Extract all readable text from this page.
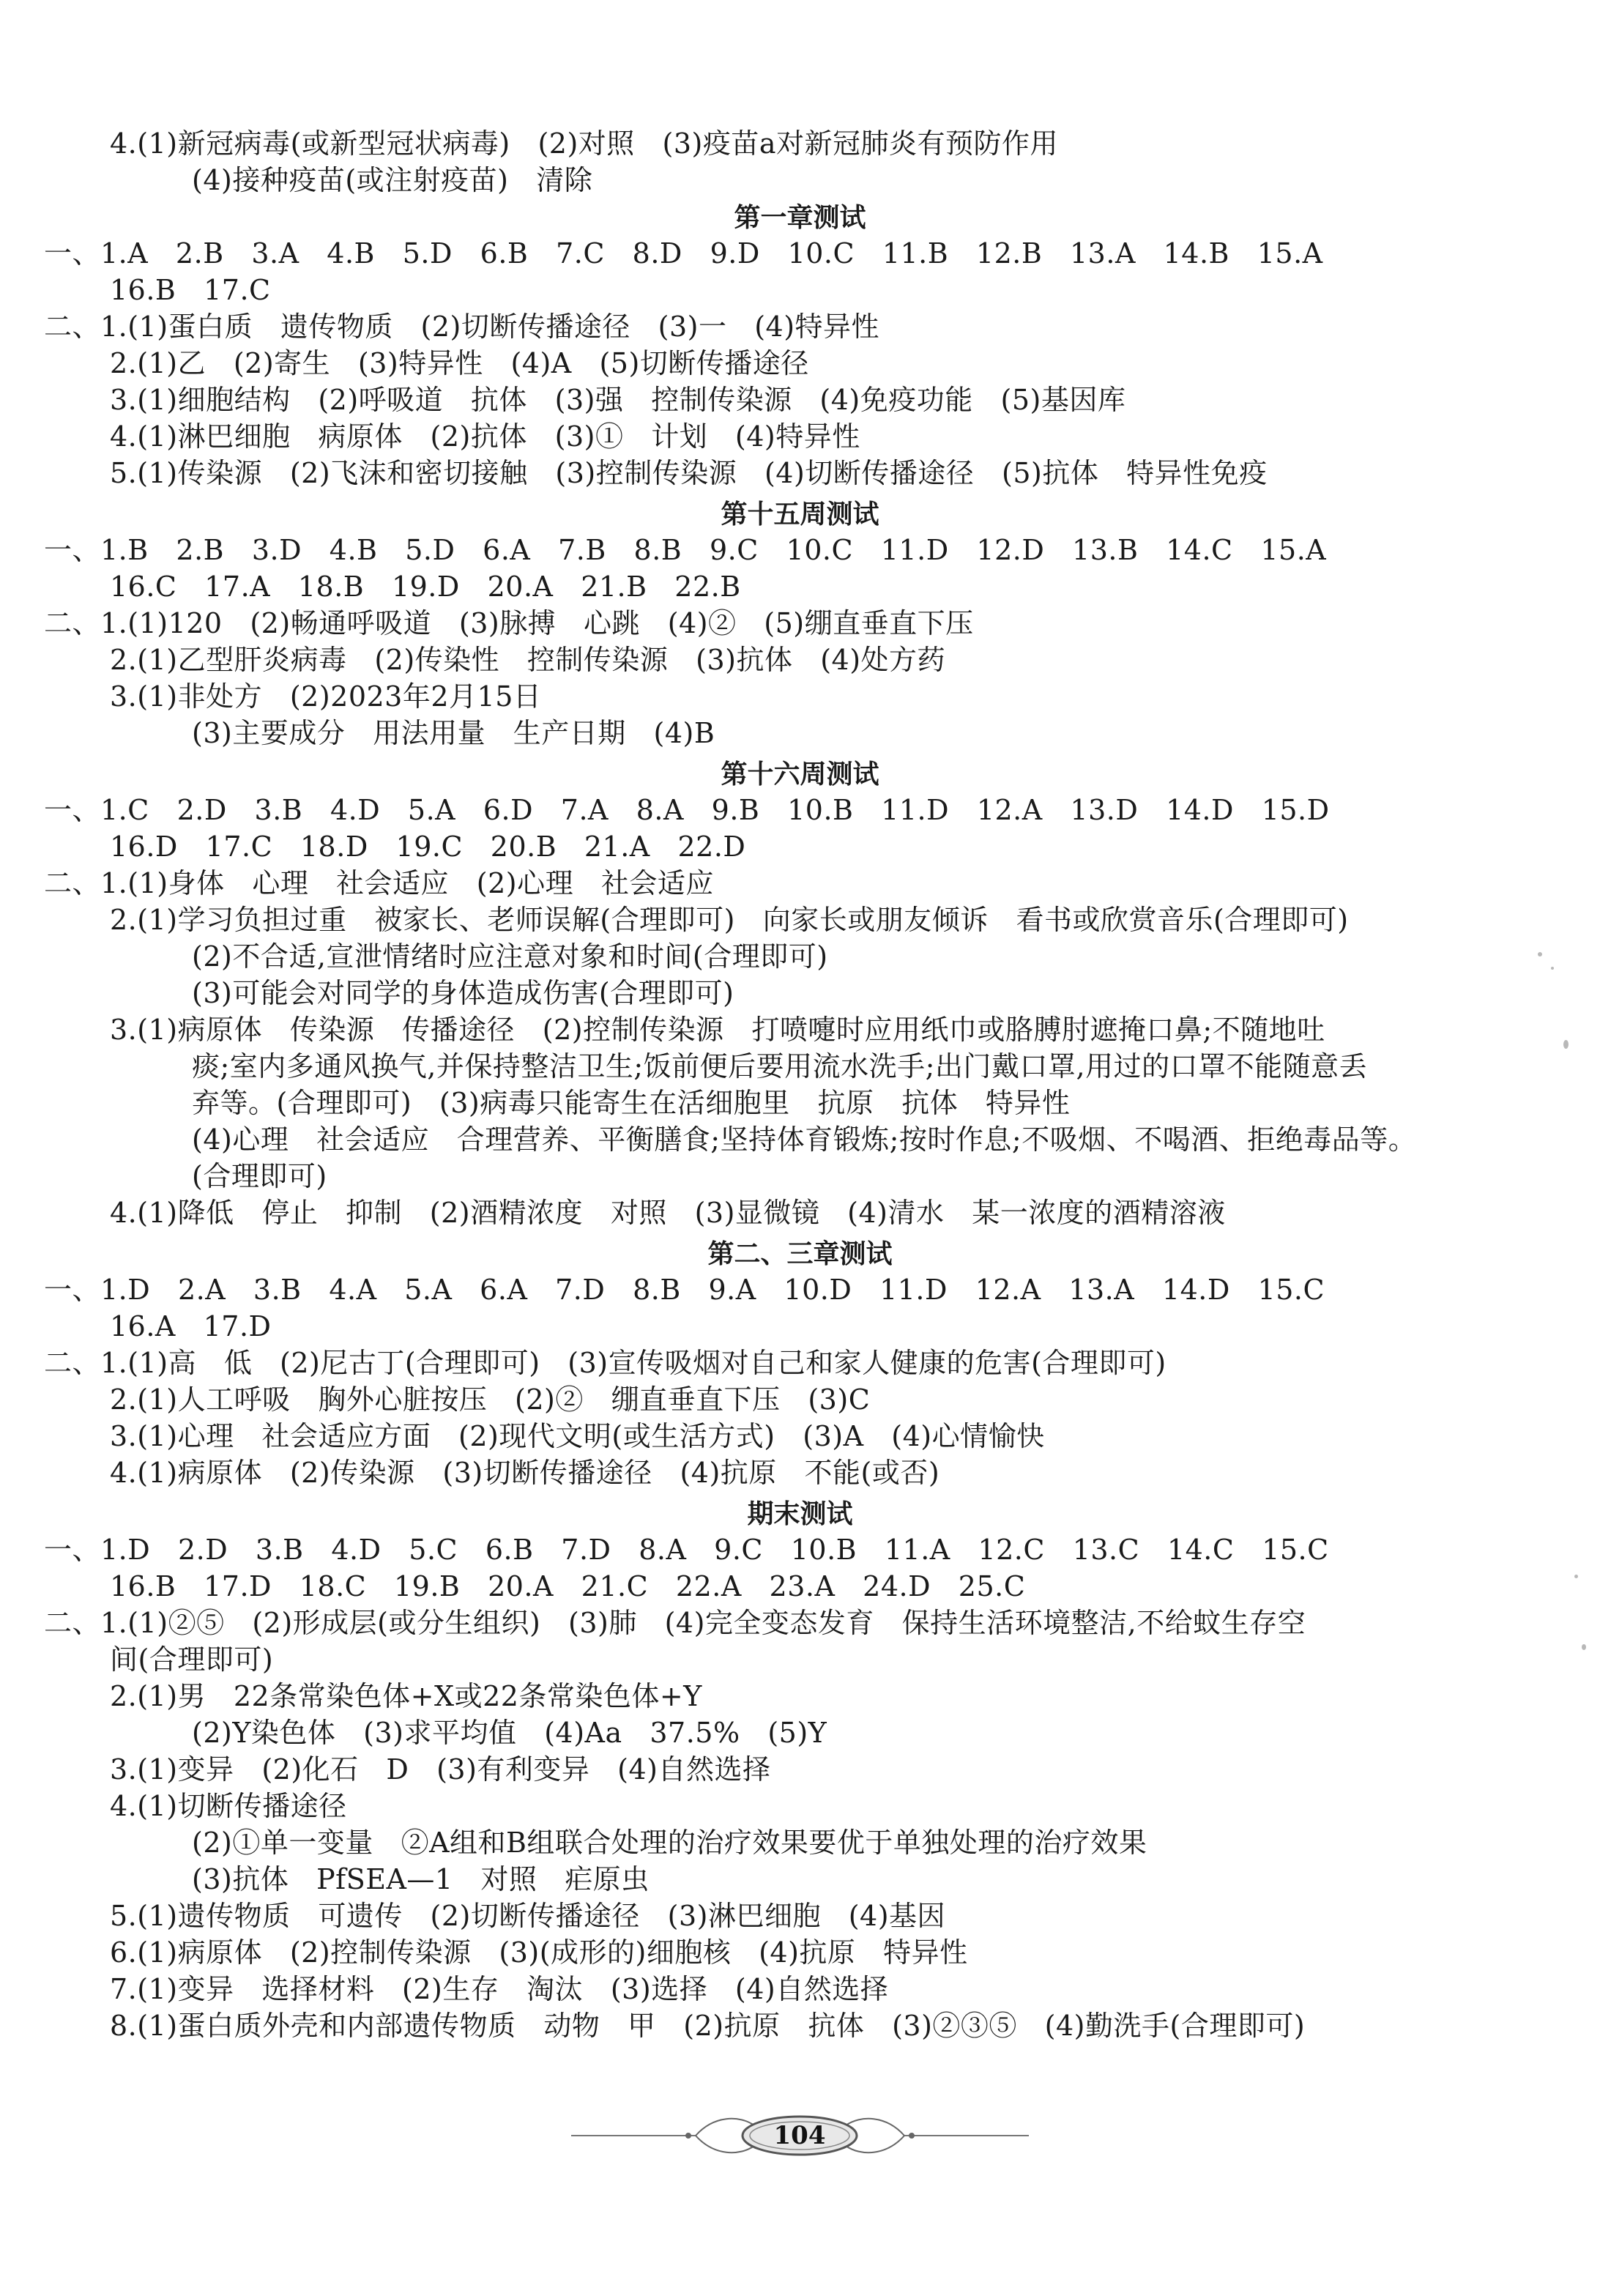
4.(1)新冠病毒(或新型冠状病毒)   (2)对照   (3)疫苗a对新冠肺炎有预防作用
(4)接种疫苗(或注射疫苗)   清除
第一章测试
一、1.A   2.B   3.A   4.B   5.D   6.B   7.C   8.D   9.D   10.C   11.B   12.B   13.A   14.B   15.A
16.B   17.C
二、1.(1)蛋白质   遗传物质   (2)切断传播途径   (3)一   (4)特异性
2.(1)乙   (2)寄生   (3)特异性   (4)A   (5)切断传播途径
3.(1)细胞结构   (2)呼吸道   抗体   (3)强   控制传染源   (4)免疫功能   (5)基因库
4.(1)淋巴细胞   病原体   (2)抗体   (3)①   计划   (4)特异性
5.(1)传染源   (2)飞沫和密切接触   (3)控制传染源   (4)切断传播途径   (5)抗体   特异性免疫
第十五周测试
一、1.B   2.B   3.D   4.B   5.D   6.A   7.B   8.B   9.C   10.C   11.D   12.D   13.B   14.C   15.A
16.C   17.A   18.B   19.D   20.A   21.B   22.B
二、1.(1)120   (2)畅通呼吸道   (3)脉搏   心跳   (4)②   (5)绷直垂直下压
2.(1)乙型肝炎病毒   (2)传染性   控制传染源   (3)抗体   (4)处方药
3.(1)非处方   (2)2023年2月15日
(3)主要成分   用法用量   生产日期   (4)B
第十六周测试
一、1.C   2.D   3.B   4.D   5.A   6.D   7.A   8.A   9.B   10.B   11.D   12.A   13.D   14.D   15.D
16.D   17.C   18.D   19.C   20.B   21.A   22.D
二、1.(1)身体   心理   社会适应   (2)心理   社会适应
2.(1)学习负担过重   被家长、老师误解(合理即可)   向家长或朋友倾诉   看书或欣赏音乐(合理即可)
(2)不合适,宣泄情绪时应注意对象和时间(合理即可)
(3)可能会对同学的身体造成伤害(合理即可)
3.(1)病原体   传染源   传播途径   (2)控制传染源   打喷嚏时应用纸巾或胳膊肘遮掩口鼻;不随地吐
痰;室内多通风换气,并保持整洁卫生;饭前便后要用流水洗手;出门戴口罩,用过的口罩不能随意丢
弃等。(合理即可)   (3)病毒只能寄生在活细胞里   抗原   抗体   特异性
(4)心理   社会适应   合理营养、平衡膳食;坚持体育锻炼;按时作息;不吸烟、不喝酒、拒绝毒品等。
(合理即可)
4.(1)降低   停止   抑制   (2)酒精浓度   对照   (3)显微镜   (4)清水   某一浓度的酒精溶液
第二、三章测试
一、1.D   2.A   3.B   4.A   5.A   6.A   7.D   8.B   9.A   10.D   11.D   12.A   13.A   14.D   15.C
16.A   17.D
二、1.(1)高   低   (2)尼古丁(合理即可)   (3)宣传吸烟对自己和家人健康的危害(合理即可)
2.(1)人工呼吸   胸外心脏按压   (2)②   绷直垂直下压   (3)C
3.(1)心理   社会适应方面   (2)现代文明(或生活方式)   (3)A   (4)心情愉快
4.(1)病原体   (2)传染源   (3)切断传播途径   (4)抗原   不能(或否)
期末测试
一、1.D   2.D   3.B   4.D   5.C   6.B   7.D   8.A   9.C   10.B   11.A   12.C   13.C   14.C   15.C
16.B   17.D   18.C   19.B   20.A   21.C   22.A   23.A   24.D   25.C
二、1.(1)②⑤   (2)形成层(或分生组织)   (3)肺   (4)完全变态发育   保持生活环境整洁,不给蚊生存空
间(合理即可)
2.(1)男   22条常染色体+X或22条常染色体+Y
(2)Y染色体   (3)求平均值   (4)Aa   37.5%   (5)Y
3.(1)变异   (2)化石   D   (3)有利变异   (4)自然选择
4.(1)切断传播途径
(2)①单一变量   ②A组和B组联合处理的治疗效果要优于单独处理的治疗效果
(3)抗体   PfSEA—1   对照   疟原虫
5.(1)遗传物质   可遗传   (2)切断传播途径   (3)淋巴细胞   (4)基因
6.(1)病原体   (2)控制传染源   (3)(成形的)细胞核   (4)抗原   特异性
7.(1)变异   选择材料   (2)生存   淘汰   (3)选择   (4)自然选择
8.(1)蛋白质外壳和内部遗传物质   动物   甲   (2)抗原   抗体   (3)②③⑤   (4)勤洗手(合理即可)
104
